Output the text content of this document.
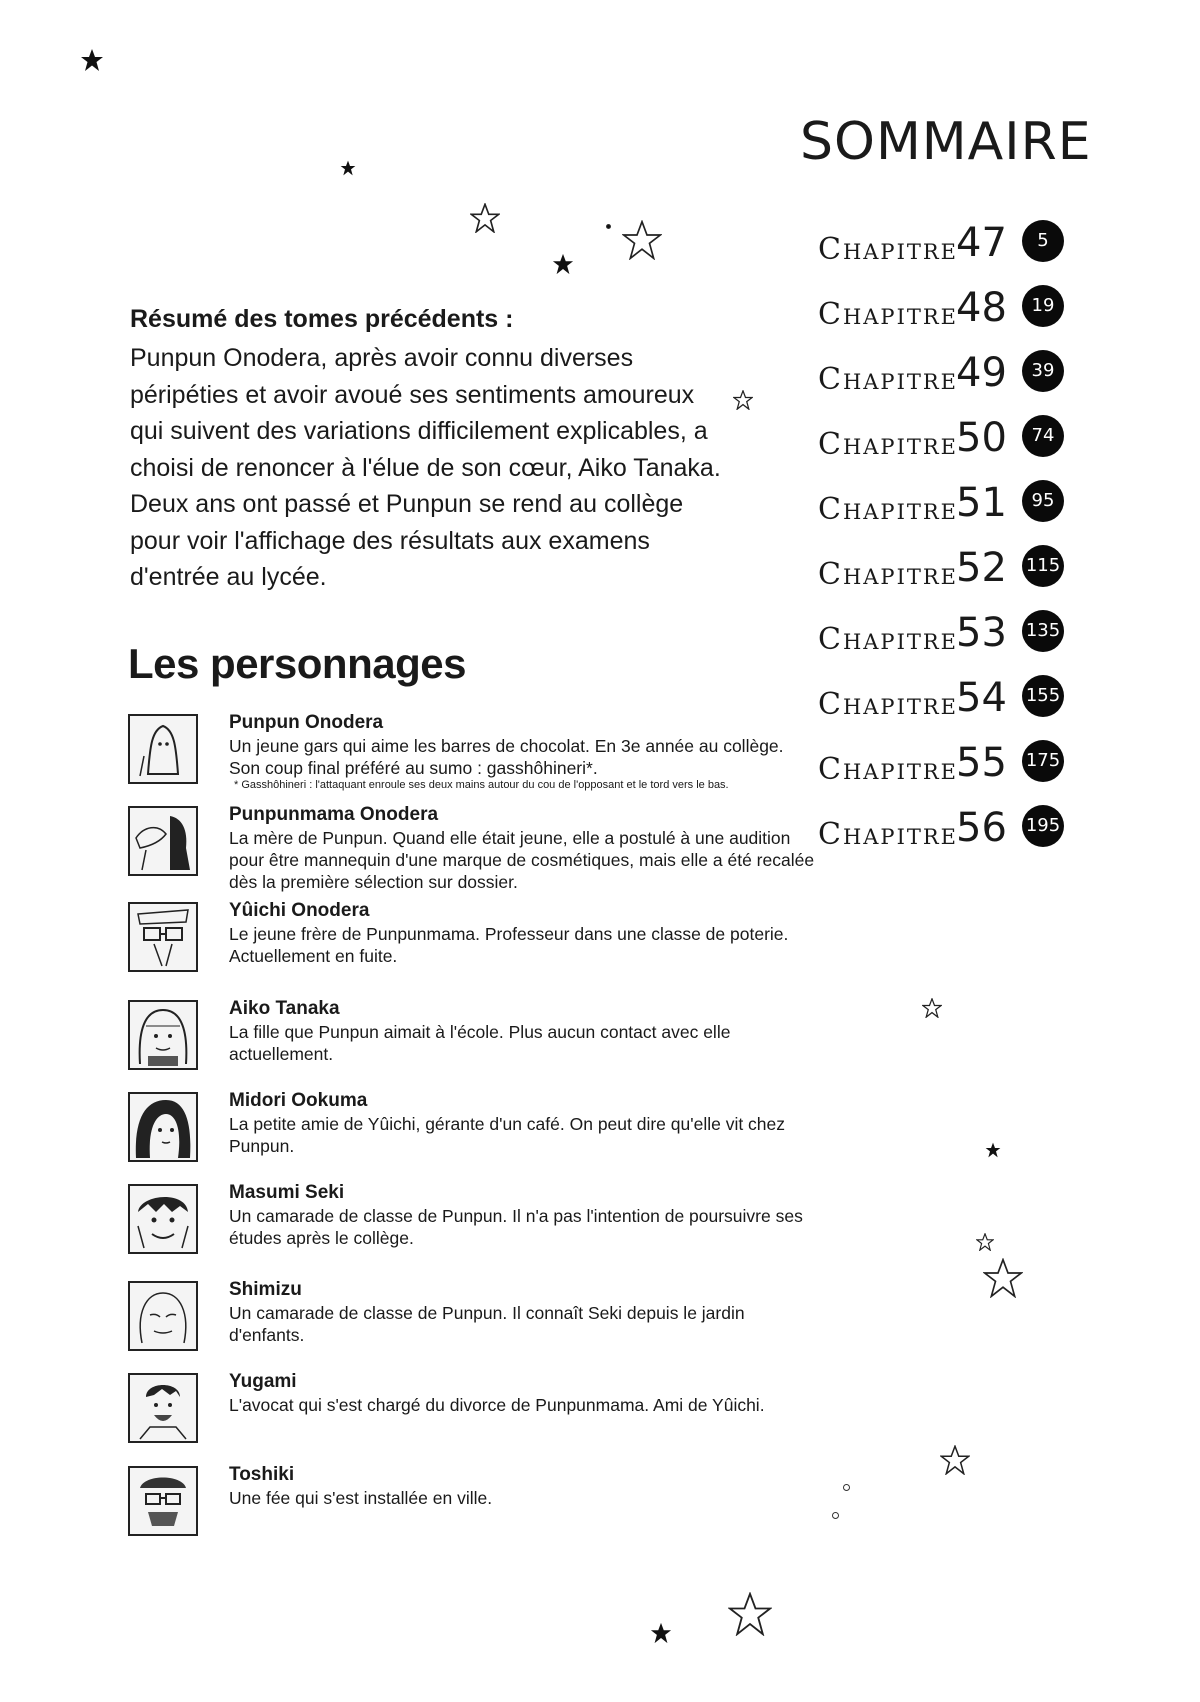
SOMMAIRE
Chapitre
47	5
Chapitre
48	19
Chapitre
49	39
Chapitre
50	74
Chapitre
51	95
Chapitre
52 115
Chapitre
53 135
Chapitre
54 155
Chapitre
55 175
Chapitre
56 195

Résumé des tomes précédents :

Punpun Onodera, après avoir connu diverses péripéties et avoir avoué ses sentiments amoureux qui suivent des variations difficilement explicables, a choisi de renoncer à l'élue de son cœur, Aiko Tanaka. Deux ans ont passé et Punpun se rend au collège pour voir l'affichage des résultats aux examens d'entrée au lycée.

Les personnages
Punpun Onodera
Un jeune gars qui aime les barres de chocolat. En 3e année au collège. Son coup final préféré au sumo : gasshôhineri*.
* Gasshôhineri : l'attaquant enroule ses deux mains autour du cou de l'opposant et le tord vers le bas.
Punpunmama Onodera
La mère de Punpun. Quand elle était jeune, elle a postulé à une audition pour être mannequin d'une marque de cosmétiques, mais elle a été recalée dès la première sélection sur dossier.
Yûichi Onodera
Le jeune frère de Punpunmama. Professeur dans une classe de poterie. Actuellement en fuite.
Aiko Tanaka
La fille que Punpun aimait à l'école. Plus aucun contact avec elle actuellement.
Midori Ookuma
La petite amie de Yûichi, gérante d'un café. On peut dire qu'elle vit chez Punpun.
Masumi Seki
Un camarade de classe de Punpun. Il n'a pas l'intention de poursuivre ses études après le collège.
Shimizu
Un camarade de classe de Punpun. Il connaît Seki depuis le jardin d'enfants.
Yugami
L'avocat qui s'est chargé du divorce de Punpunmama. Ami de Yûichi.
Toshiki
Une fée qui s'est installée en ville.
